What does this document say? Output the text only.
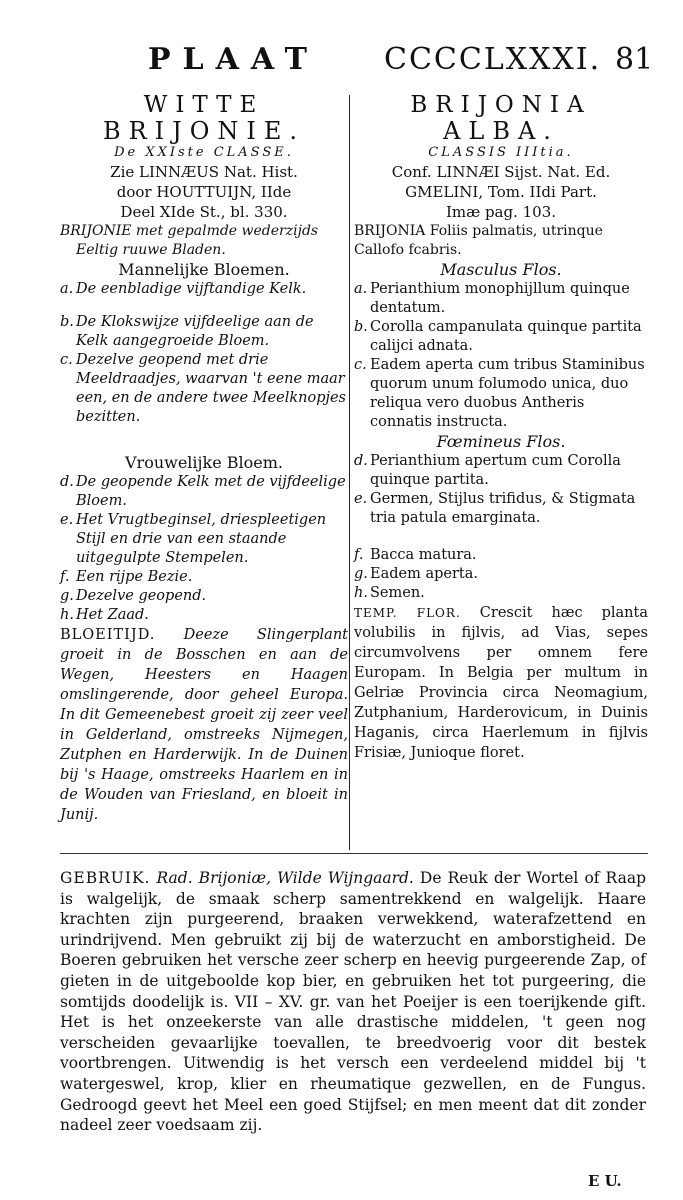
PLAAT CCCCLXXXI. 81
WITTE
BRIJONIE.
De XXIste CLASSE.
Zie LINNÆUS Nat. Hist.
door HOUTTUIJN, IIde
Deel XIde St., bl. 330.
BRIJONIE met gepalmde wederzijds
Eeltig ruuwe Bladen.
Mannelijke Bloemen.
a. De eenbladige vijftandige Kelk.
b. De Klokswijze vijfdeelige aan de Kelk aangegroeide Bloem.
c. Dezelve geopend met drie Meeldraadjes, waarvan 't eene maar een, en de andere twee Meelknopjes bezitten.
Vrouwelijke Bloem.
d. De geopende Kelk met de vijfdeelige Bloem.
e. Het Vrugtbeginsel, driespleetigen Stijl en drie van een staande uitgegulpte Stempelen.
f. Een rijpe Bezie.
g. Dezelve geopend.
h. Het Zaad.
BLOEITIJD. Deeze Slingerplant groeit in de Bosschen en aan de Wegen, Heesters en Haagen omslingerende, door geheel Europa. In dit Gemeenebest groeit zij zeer veel in Gelderland, omstreeks Nijmegen, Zutphen en Harderwijk. In de Duinen bij 's Haage, omstreeks Haarlem en in de Wouden van Friesland, en bloeit in Junij.
BRIJONIA
ALBA.
CLASSIS IIItia.
Conf. LINNÆI Sijst. Nat. Ed.
GMELINI, Tom. IIdi Part.
Imæ pag. 103.
BRIJONIA Foliis palmatis, utrinque Callofo fcabris.
Masculus Flos.
a. Perianthium monophijllum quinque dentatum.
b. Corolla campanulata quinque partita calijci adnata.
c. Eadem aperta cum tribus Staminibus quorum unum folumodo unica, duo reliqua vero duobus Antheris connatis instructa.
Fœmineus Flos.
d. Perianthium apertum cum Corolla quinque partita.
e. Germen, Stijlus trifidus, & Stigmata tria patula emarginata.
f. Bacca matura.
g. Eadem aperta.
h. Semen.
TEMP. FLOR. Crescit hæc planta volubilis in fijlvis, ad Vias, sepes circumvolvens per omnem fere Europam. In Belgia per multum in Gelriæ Provincia circa Neomagium, Zutphanium, Harderovicum, in Duinis Haganis, circa Haerlemum in fijlvis Frisiæ, Junioque floret.
GEBRUIK. Rad. Brijoniæ, Wilde Wijngaard. De Reuk der Wortel of Raap is walgelijk, de smaak scherp samentrekkend en walgelijk. Haare krachten zijn purgeerend, braaken verwekkend, waterafzettend en urindrijvend. Men gebruikt zij bij de waterzucht en amborstigheid. De Boeren gebruiken het versche zeer scherp en heevig purgeerende Zap, of gieten in de uitgeboolde kop bier, en gebruiken het tot purgeering, die somtijds doodelijk is. VII – XV. gr. van het Poeijer is een toerijkende gift. Het is het onzeekerste van alle drastische middelen, 't geen nog verscheiden gevaarlijke toevallen, te breedvoerig voor dit bestek voortbrengen. Uitwendig is het versch een verdeelend middel bij 't watergeswel, krop, klier en rheumatique gezwellen, en de Fungus. Gedroogd geevt het Meel een goed Stijfsel; en men meent dat dit zonder nadeel zeer voedsaam zij.
E U.
